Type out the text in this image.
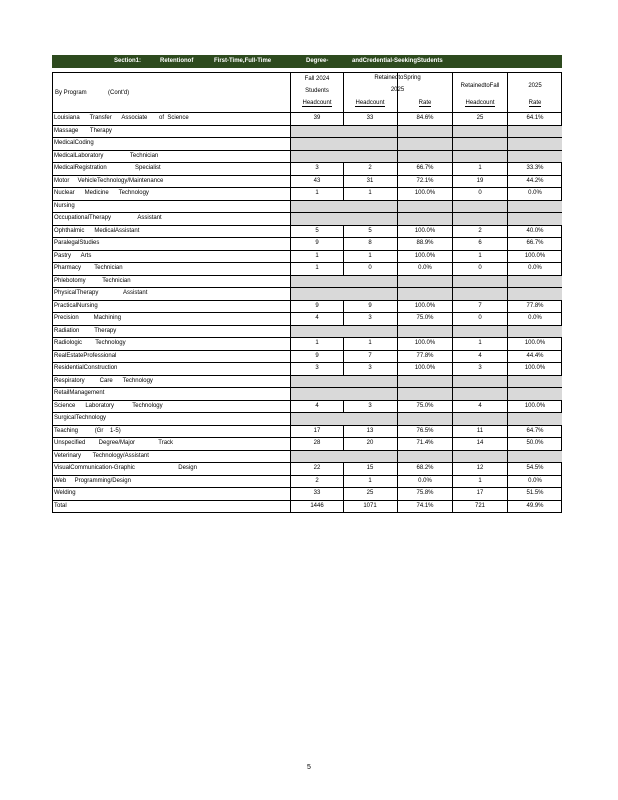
Section1:	Retentionof	First-Time,Full-Time	Degree-	andCredential-SeekingStudents
By Program	(Cont'd)
Fall 2024
Students
Headcount
RetainedtoSpring
2025
Headcount	Rate
RetainedtoFall	2025
Headcount	Rate
Louisiana      Transfer      Associate       of  Science	39	33	84.6%	25	64.1%
Massage       Therapy
MedicalCoding
MedicalLaboratory                Technician
MedicalRegistration                 Specialist	3	2	66.7%	1	33.3%
Motor     VehicleTechnology/Maintenance	43	31	72.1%	19	44.2%
Nuclear      Medicine      Technology	1	1	100.0%	0	0.0%
Nursing
OccupationalTherapy                Assistant
Ophthalmic      MedicalAssistant	5	5	100.0%	2	40.0%
ParalegalStudies	9	8	88.9%	6	66.7%
Pastry      Arts	1	1	100.0%	1	100.0%
Pharmacy        Technician	1	0	0.0%	0	0.0%
Phlebotomy          Technician
PhysicalTherapy               Assistant
PracticalNursing	9	9	100.0%	7	77.8%
Precision         Machining	4	3	75.0%	0	0.0%
Radiation         Therapy
Radiologic        Technology	1	1	100.0%	1	100.0%
RealEstateProfessional	9	7	77.8%	4	44.4%
ResidentialConstruction	3	3	100.0%	3	100.0%
Respiratory         Care      Technology
RetailManagement
Science      Laboratory           Technology	4	3	75.0%	4	100.0%
SurgicalTechnology
Teaching          (Gr    1-5)	17	13	76.5%	11	64.7%
Unspecified        Degree/Major              Track	28	20	71.4%	14	50.0%
Veterinary       Technology/Assistant
VisualCommunication-Graphic                          Design	22	15	68.2%	12	54.5%
Web     Programming/Design	2	1	0.0%	1	0.0%
Welding	33	25	75.8%	17	51.5%
Total	1446	1071	74.1%	721	49.9%
5
